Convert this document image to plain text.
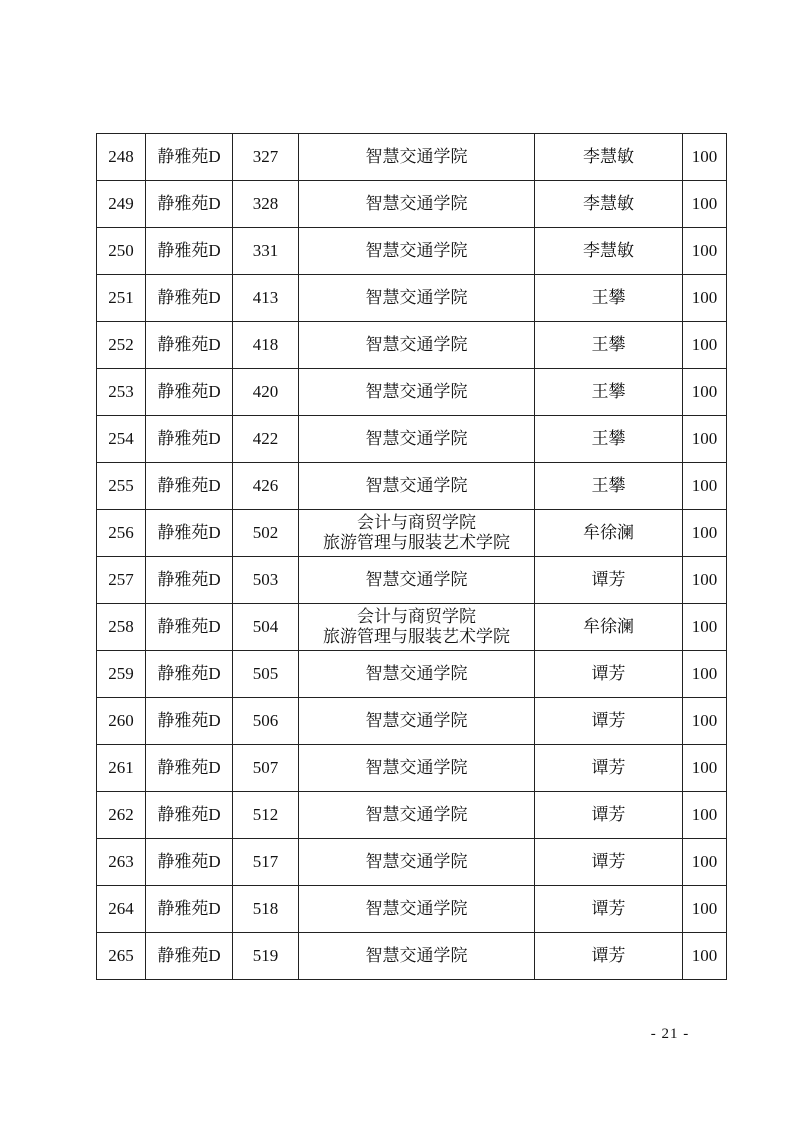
248	静雅苑D	327	智慧交通学院	李慧敏	100
249	静雅苑D	328	智慧交通学院	李慧敏	100
250	静雅苑D	331	智慧交通学院	李慧敏	100
251	静雅苑D	413	智慧交通学院	王攀	100
252	静雅苑D	418	智慧交通学院	王攀	100
253	静雅苑D	420	智慧交通学院	王攀	100
254	静雅苑D	422	智慧交通学院	王攀	100
255	静雅苑D	426	智慧交通学院	王攀	100
256	静雅苑D	502	会计与商贸学院
旅游管理与服装艺术学院	牟徐澜	100
257	静雅苑D	503	智慧交通学院	谭芳	100
258	静雅苑D	504	会计与商贸学院
旅游管理与服装艺术学院	牟徐澜	100
259	静雅苑D	505	智慧交通学院	谭芳	100
260	静雅苑D	506	智慧交通学院	谭芳	100
261	静雅苑D	507	智慧交通学院	谭芳	100
262	静雅苑D	512	智慧交通学院	谭芳	100
263	静雅苑D	517	智慧交通学院	谭芳	100
264	静雅苑D	518	智慧交通学院	谭芳	100
265	静雅苑D	519	智慧交通学院	谭芳	100
- 21 -
